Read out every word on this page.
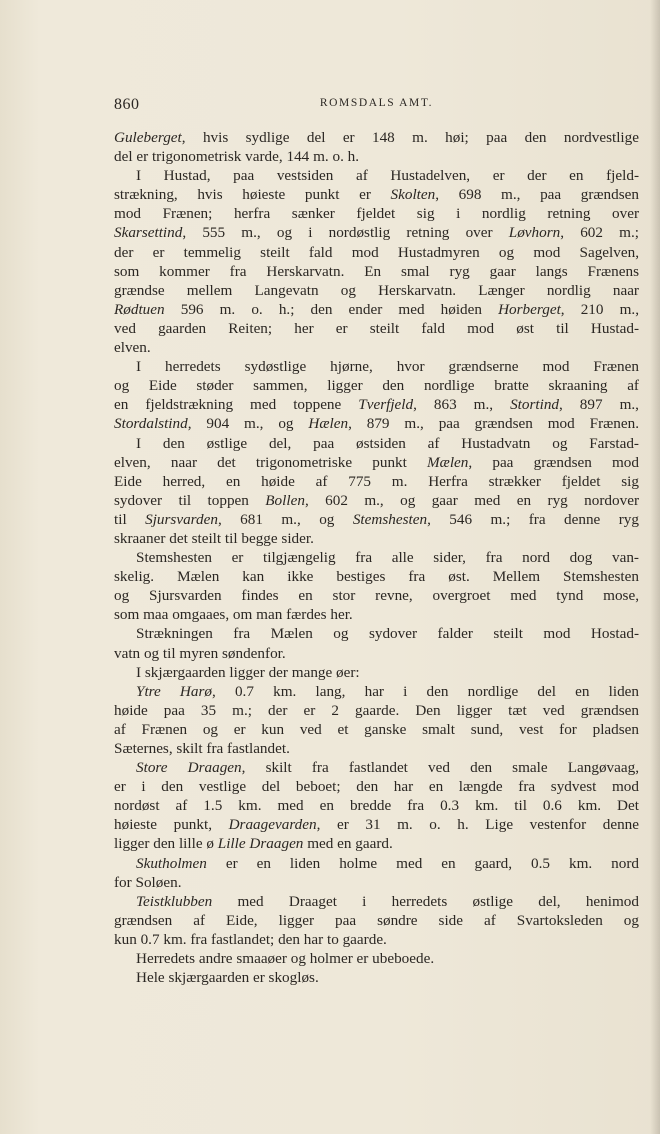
860	ROMSDALS AMT.
Guleberget, hvis sydlige del er 148 m. høi; paa den nordvestlige
del er trigonometrisk varde, 144 m. o. h.
I Hustad, paa vestsiden af Hustadelven, er der en fjeld-
strækning, hvis høieste punkt er Skolten, 698 m., paa grændsen
mod Frænen; herfra sænker fjeldet sig i nordlig retning over
Skarsettind, 555 m., og i nordøstlig retning over Løvhorn, 602 m.;
der er temmelig steilt fald mod Hustadmyren og mod Sagelven,
som kommer fra Herskarvatn. En smal ryg gaar langs Frænens
grændse mellem Langevatn og Herskarvatn. Længer nordlig naar
Rødtuen 596 m. o. h.; den ender med høiden Horberget, 210 m.,
ved gaarden Reiten; her er steilt fald mod øst til Hustad-
elven.
I herredets sydøstlige hjørne, hvor grændserne mod Frænen
og Eide støder sammen, ligger den nordlige bratte skraaning af
en fjeldstrækning med toppene Tverfjeld, 863 m., Stortind, 897 m.,
Stordalstind, 904 m., og Hælen, 879 m., paa grændsen mod Frænen.
I den østlige del, paa østsiden af Hustadvatn og Farstad-
elven, naar det trigonometriske punkt Mælen, paa grændsen mod
Eide herred, en høide af 775 m. Herfra strækker fjeldet sig
sydover til toppen Bollen, 602 m., og gaar med en ryg nordover
til Sjursvarden, 681 m., og Stemshesten, 546 m.; fra denne ryg
skraaner det steilt til begge sider.
Stemshesten er tilgjængelig fra alle sider, fra nord dog van-
skelig. Mælen kan ikke bestiges fra øst. Mellem Stemshesten
og Sjursvarden findes en stor revne, overgroet med tynd mose,
som maa omgaaes, om man færdes her.
Strækningen fra Mælen og sydover falder steilt mod Hostad-
vatn og til myren søndenfor.
I skjærgaarden ligger der mange øer:
Ytre Harø, 0.7 km. lang, har i den nordlige del en liden
høide paa 35 m.; der er 2 gaarde. Den ligger tæt ved grændsen
af Frænen og er kun ved et ganske smalt sund, vest for pladsen
Sæternes, skilt fra fastlandet.
Store Draagen, skilt fra fastlandet ved den smale Langøvaag,
er i den vestlige del beboet; den har en længde fra sydvest mod
nordøst af 1.5 km. med en bredde fra 0.3 km. til 0.6 km. Det
høieste punkt, Draagevarden, er 31 m. o. h. Lige vestenfor denne
ligger den lille ø Lille Draagen med en gaard.
Skutholmen er en liden holme med en gaard, 0.5 km. nord
for Soløen.
Teistklubben med Draaget i herredets østlige del, henimod
grændsen af Eide, ligger paa søndre side af Svartoksleden og
kun 0.7 km. fra fastlandet; den har to gaarde.
Herredets andre smaaøer og holmer er ubeboede.
Hele skjærgaarden er skogløs.
